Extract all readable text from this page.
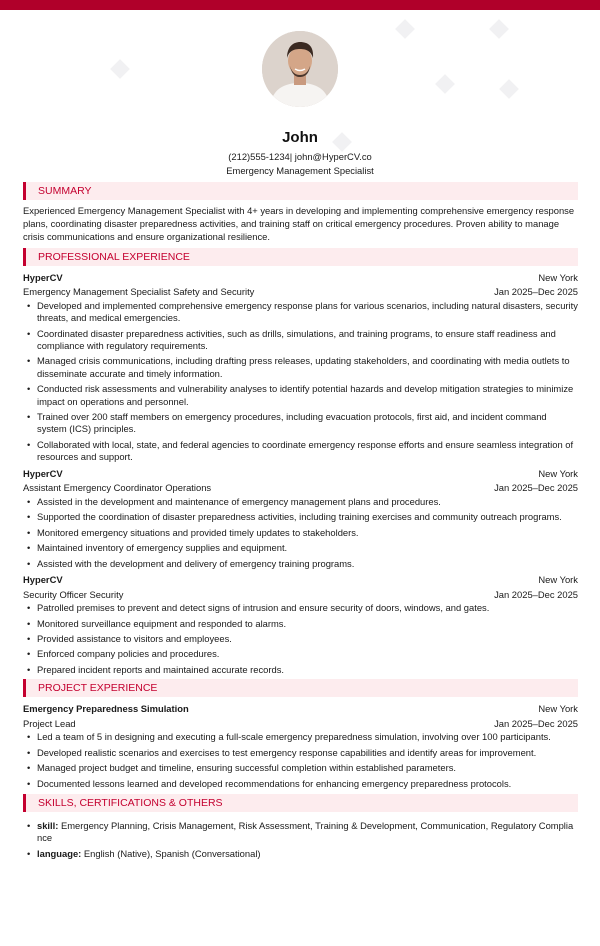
John
(212)555-1234| john@HyperCV.co
Emergency Management Specialist
SUMMARY

Experienced Emergency Management Specialist with 4+ years in developing and implementing comprehensive emergency response plans, coordinating disaster preparedness activities, and training staff on critical emergency procedures. Proven ability to manage crisis communications and ensure organizational resilience.

PROFESSIONAL EXPERIENCE
HyperCV	New York
Emergency Management Specialist Safety and Security	Jan 2025–Dec 2025
• Developed and implemented comprehensive emergency response plans for various scenarios, including natural disasters, security threats, and medical emergencies.
• Coordinated disaster preparedness activities, such as drills, simulations, and training programs, to ensure staff readiness and compliance with regulatory requirements.
• Managed crisis communications, including drafting press releases, updating stakeholders, and coordinating with media outlets to disseminate accurate and timely information.
• Conducted risk assessments and vulnerability analyses to identify potential hazards and develop mitigation strategies to minimize impact on operations and personnel.
• Trained over 200 staff members on emergency procedures, including evacuation protocols, first aid, and incident command system (ICS) principles.
• Collaborated with local, state, and federal agencies to coordinate emergency response efforts and ensure seamless integration of resources and support.
HyperCV	New York
Assistant Emergency Coordinator Operations	Jan 2025–Dec 2025
• Assisted in the development and maintenance of emergency management plans and procedures.
• Supported the coordination of disaster preparedness activities, including training exercises and community outreach programs.
• Monitored emergency situations and provided timely updates to stakeholders.
• Maintained inventory of emergency supplies and equipment.
• Assisted with the development and delivery of emergency training programs.
HyperCV	New York
Security Officer Security	Jan 2025–Dec 2025
• Patrolled premises to prevent and detect signs of intrusion and ensure security of doors, windows, and gates.
• Monitored surveillance equipment and responded to alarms.
• Provided assistance to visitors and employees.
• Enforced company policies and procedures.
• Prepared incident reports and maintained accurate records.
PROJECT EXPERIENCE
Emergency Preparedness Simulation	New York
Project Lead	Jan 2025–Dec 2025
• Led a team of 5 in designing and executing a full-scale emergency preparedness simulation, involving over 100 participants.
• Developed realistic scenarios and exercises to test emergency response capabilities and identify areas for improvement.
• Managed project budget and timeline, ensuring successful completion within established parameters.
• Documented lessons learned and developed recommendations for enhancing emergency preparedness protocols.
SKILLS, CERTIFICATIONS & OTHERS
• skill: Emergency Planning, Crisis Management, Risk Assessment, Training & Development, Communication, Regulatory Complia nce
• language: English (Native), Spanish (Conversational)
